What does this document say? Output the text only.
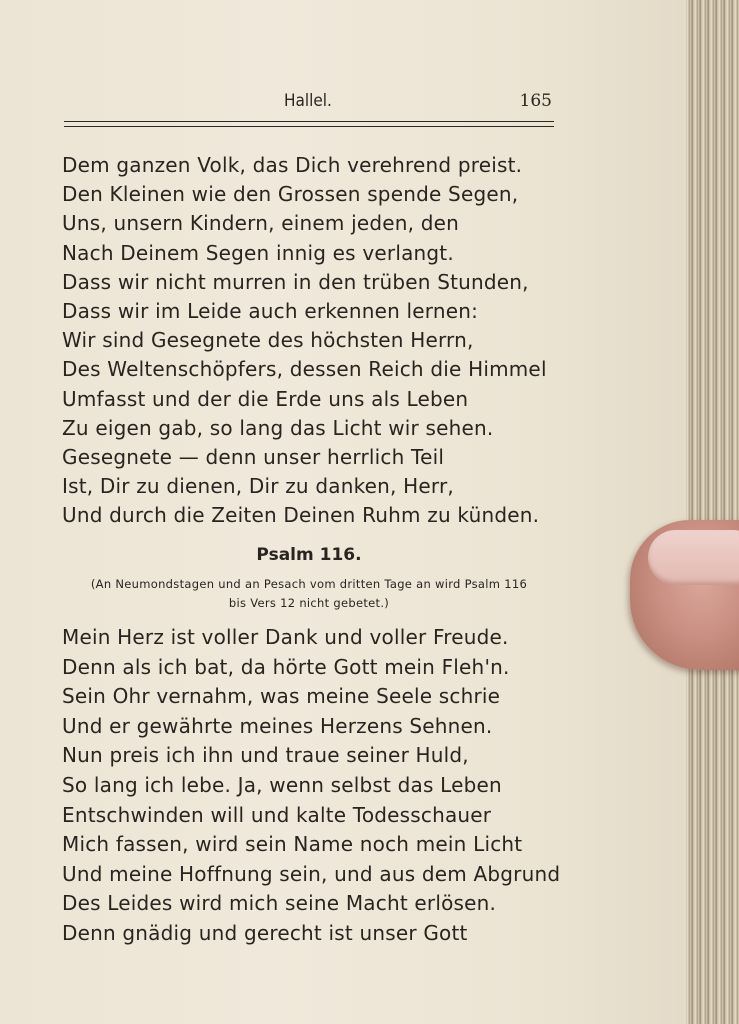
Hallel.	165
Dem ganzen Volk, das Dich verehrend preist.
Den Kleinen wie den Grossen spende Segen,
Uns, unsern Kindern, einem jeden, den
Nach Deinem Segen innig es verlangt.
Dass wir nicht murren in den trüben Stunden,
Dass wir im Leide auch erkennen lernen:
Wir sind Gesegnete des höchsten Herrn,
Des Weltenschöpfers, dessen Reich die Himmel
Umfasst und der die Erde uns als Leben
Zu eigen gab, so lang das Licht wir sehen.
Gesegnete — denn unser herrlich Teil
Ist, Dir zu dienen, Dir zu danken, Herr,
Und durch die Zeiten Deinen Ruhm zu künden.
Psalm 116.
(An Neumondstagen und an Pesach vom dritten Tage an wird Psalm 116
bis Vers 12 nicht gebetet.)
Mein Herz ist voller Dank und voller Freude.
Denn als ich bat, da hörte Gott mein Fleh'n.
Sein Ohr vernahm, was meine Seele schrie
Und er gewährte meines Herzens Sehnen.
Nun preis ich ihn und traue seiner Huld,
So lang ich lebe. Ja, wenn selbst das Leben
Entschwinden will und kalte Todesschauer
Mich fassen, wird sein Name noch mein Licht
Und meine Hoffnung sein, und aus dem Abgrund
Des Leides wird mich seine Macht erlösen.
Denn gnädig und gerecht ist unser Gott
